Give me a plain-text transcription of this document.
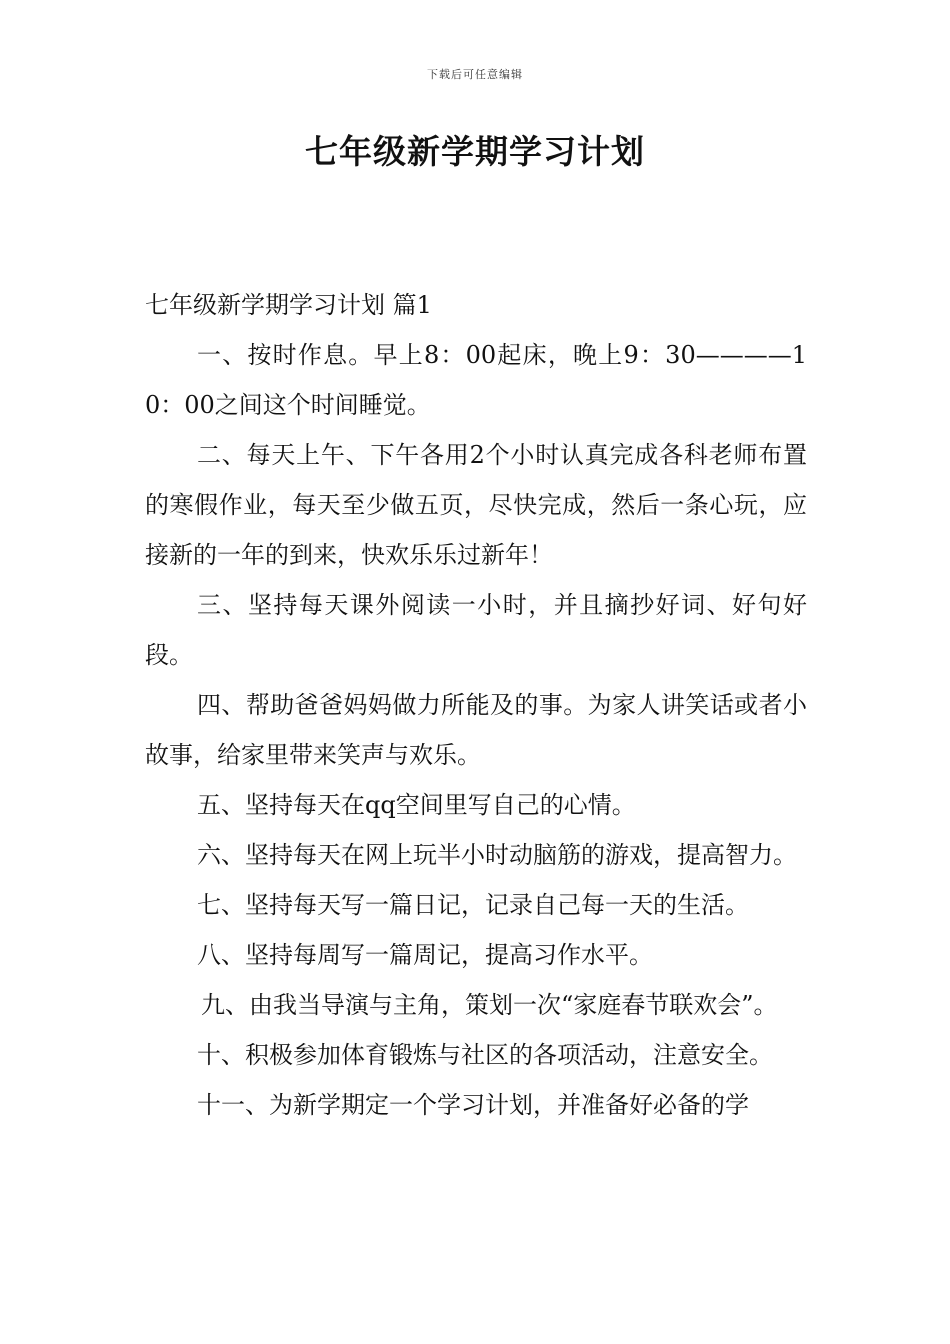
下载后可任意编辑
七年级新学期学习计划

七年级新学期学习计划 篇1

一、按时作息。早上8：00起床，晚上9：30————10：00之间这个时间睡觉。

二、每天上午、下午各用2个小时认真完成各科老师布置的寒假作业，每天至少做五页，尽快完成，然后一条心玩，应接新的一年的到来，快欢乐乐过新年！

三、坚持每天课外阅读一小时，并且摘抄好词、好句好段。

四、帮助爸爸妈妈做力所能及的事。为家人讲笑话或者小故事，给家里带来笑声与欢乐。

五、坚持每天在qq空间里写自己的心情。

六、坚持每天在网上玩半小时动脑筋的游戏，提高智力。

七、坚持每天写一篇日记，记录自己每一天的生活。

八、坚持每周写一篇周记，提高习作水平。

九、由我当导演与主角，策划一次“家庭春节联欢会”。

十、积极参加体育锻炼与社区的各项活动，注意安全。

十一、为新学期定一个学习计划，并准备好必备的学
